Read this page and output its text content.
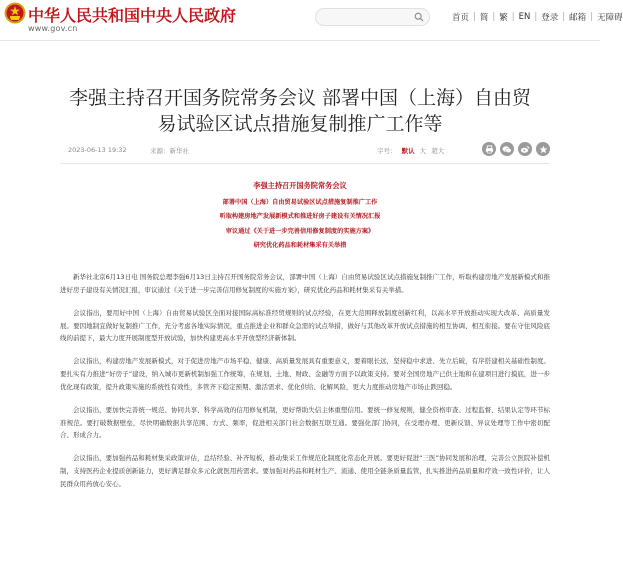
中华人民共和国中央人民政府
www.gov.cn
首页 | 简 | 繁 | EN | 登录 | 邮箱 | 无障碍
李强主持召开国务院常务会议 部署中国（上海）自由贸易试验区试点措施复制推广工作等
2023-06-13 19:32	来源：新华社	字号： 默认 大 超大
李强主持召开国务院常务会议
部署中国（上海）自由贸易试验区试点措施复制推广工作
听取构建房地产发展新模式和推进好房子建设有关情况汇报
审议通过《关于进一步完善信用修复制度的实施方案》
研究优化药品和耗材集采有关举措

新华社北京6月13日电 国务院总理李强6月13日主持召开国务院常务会议，部署中国（上海）自由贸易试验区试点措施复制推广工作，听取构建房地产发展新模式和推进好房子建设有关情况汇报，审议通过《关于进一步完善信用修复制度的实施方案》，研究优化药品和耗材集采有关举措。

会议指出，要用好中国（上海）自由贸易试验区全面对接国际高标准经贸规则的试点经验，在更大范围释放制度创新红利，以高水平开放推动实现大改革、高质量发展。要因地制宜做好复制推广工作，充分考虑各地实际情况，重点推进企业和群众急需的试点举措，做好与其他改革开放试点措施的相互协调、相互衔接。要在守住风险底线的前提下，最大力度开展制度型开放试验，加快构建更高水平开放型经济新体制。

会议指出，构建房地产发展新模式，对于促进房地产市场平稳、健康、高质量发展具有重要意义，要着眼长远，坚持稳中求进、先立后破，有序搭建相关基础性制度。要扎实有力推进“好房子”建设，纳入城市更新机制加强工作统筹，在规划、土地、财政、金融等方面予以政策支持。要对全国房地产已供土地和在建项目进行摸底，进一步优化现有政策，提升政策实施的系统性有效性，多管齐下稳定预期、激活需求、优化供给、化解风险，更大力度推动房地产市场止跌回稳。

会议指出，要加快完善统一规范、协同共享、科学高效的信用修复机制，更好帮助失信主体重塑信用。要统一修复规则，健全资格审查、过程监督、结果认定等环节标准规范。要打破数据壁垒，尽快明确数据共享范围、方式、频率，促进相关部门社会数据互联互通。要强化部门协同，在受理办理、更新反馈、异议处理等工作中密切配合、形成合力。

会议指出，要加强药品和耗材集采政策评估，总结经验、补齐短板，推动集采工作规范化制度化常态化开展。要更好促进“三医”协同发展和治理，完善公立医院补偿机制，支持医药企业提质创新能力，更好满足群众多元化就医用药需求。要加强对药品和耗材生产、流通、使用全链条质量监管，扎实推进药品质量和疗效一致性评价，让人民群众用药放心安心。
